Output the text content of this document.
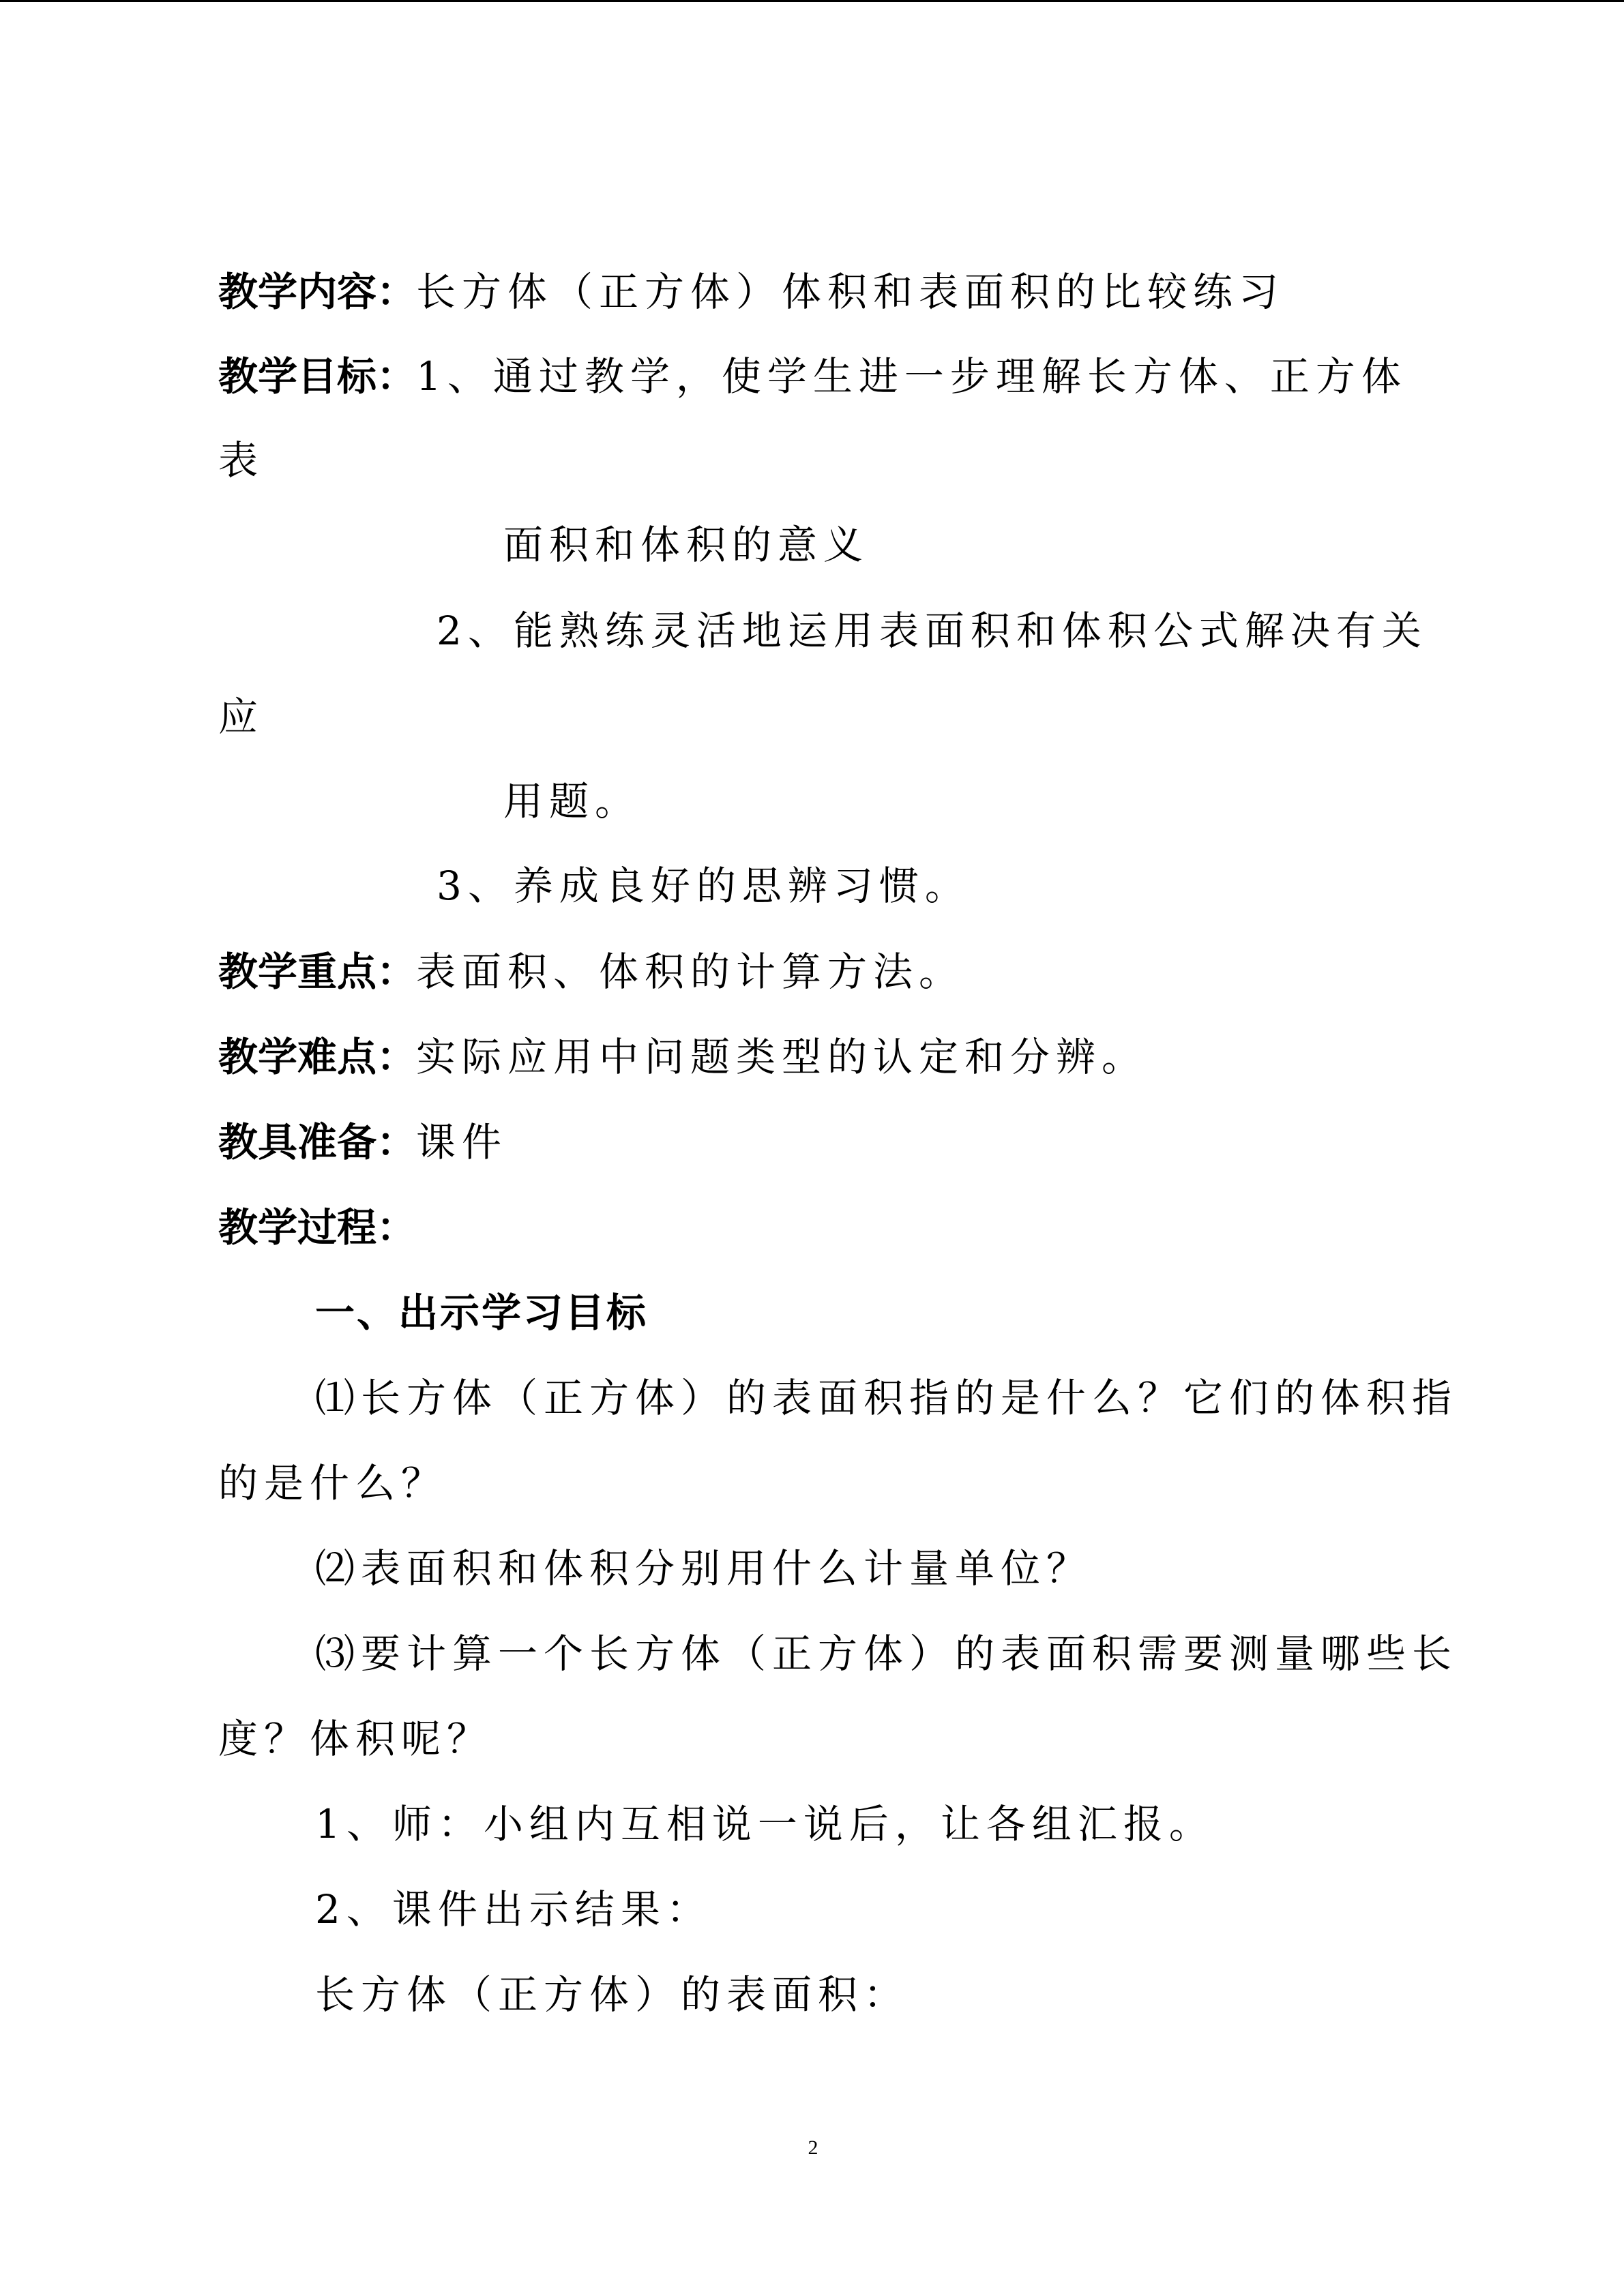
教学内容：长方体（正方体）体积和表面积的比较练习
教学目标：1、通过教学，使学生进一步理解长方体、正方体
表
面积和体积的意义
2、能熟练灵活地运用表面积和体积公式解决有关
应
用题。
3、养成良好的思辨习惯。
教学重点：表面积、体积的计算方法。
教学难点：实际应用中问题类型的认定和分辨。
教具准备：课件
教学过程：
一、出示学习目标
⑴长方体（正方体）的表面积指的是什么？它们的体积指
的是什么？
⑵表面积和体积分别用什么计量单位？
⑶要计算一个长方体（正方体）的表面积需要测量哪些长
度？体积呢？
1、师：小组内互相说一说后，让各组汇报。
2、课件出示结果：
长方体（正方体）的表面积：
2
